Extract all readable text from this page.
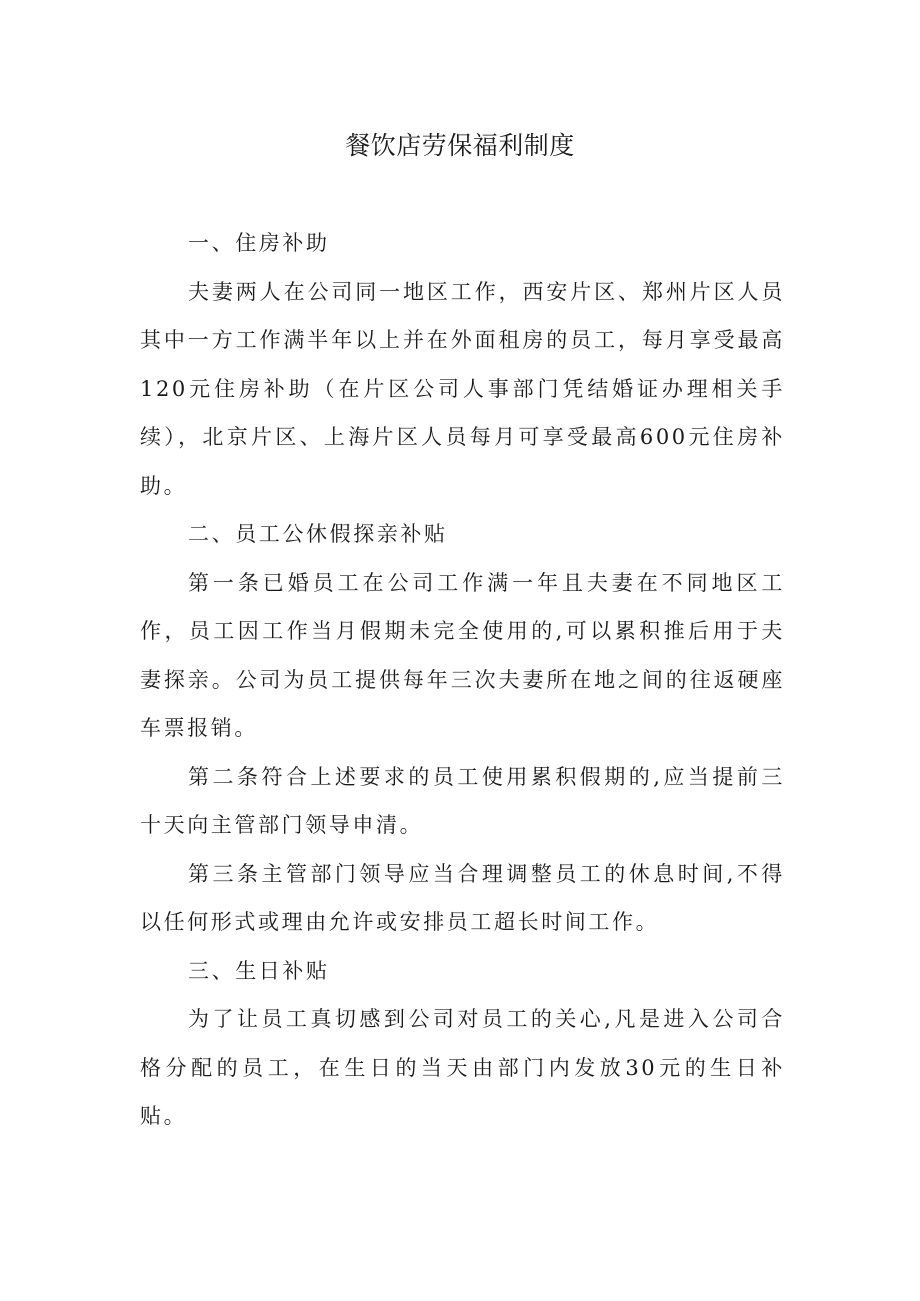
餐饮店劳保福利制度

一、住房补助

夫妻两人在公司同一地区工作，西安片区、郑州片区人员其中一方工作满半年以上并在外面租房的员工，每月享受最高120元住房补助（在片区公司人事部门凭结婚证办理相关手续），北京片区、上海片区人员每月可享受最高600元住房补助。

二、员工公休假探亲补贴

第一条已婚员工在公司工作满一年且夫妻在不同地区工作，员工因工作当月假期未完全使用的,可以累积推后用于夫妻探亲。公司为员工提供每年三次夫妻所在地之间的往返硬座车票报销。

第二条符合上述要求的员工使用累积假期的,应当提前三十天向主管部门领导申清。

第三条主管部门领导应当合理调整员工的休息时间,不得以任何形式或理由允许或安排员工超长时间工作。

三、生日补贴

为了让员工真切感到公司对员工的关心,凡是进入公司合格分配的员工，在生日的当天由部门内发放30元的生日补贴。
